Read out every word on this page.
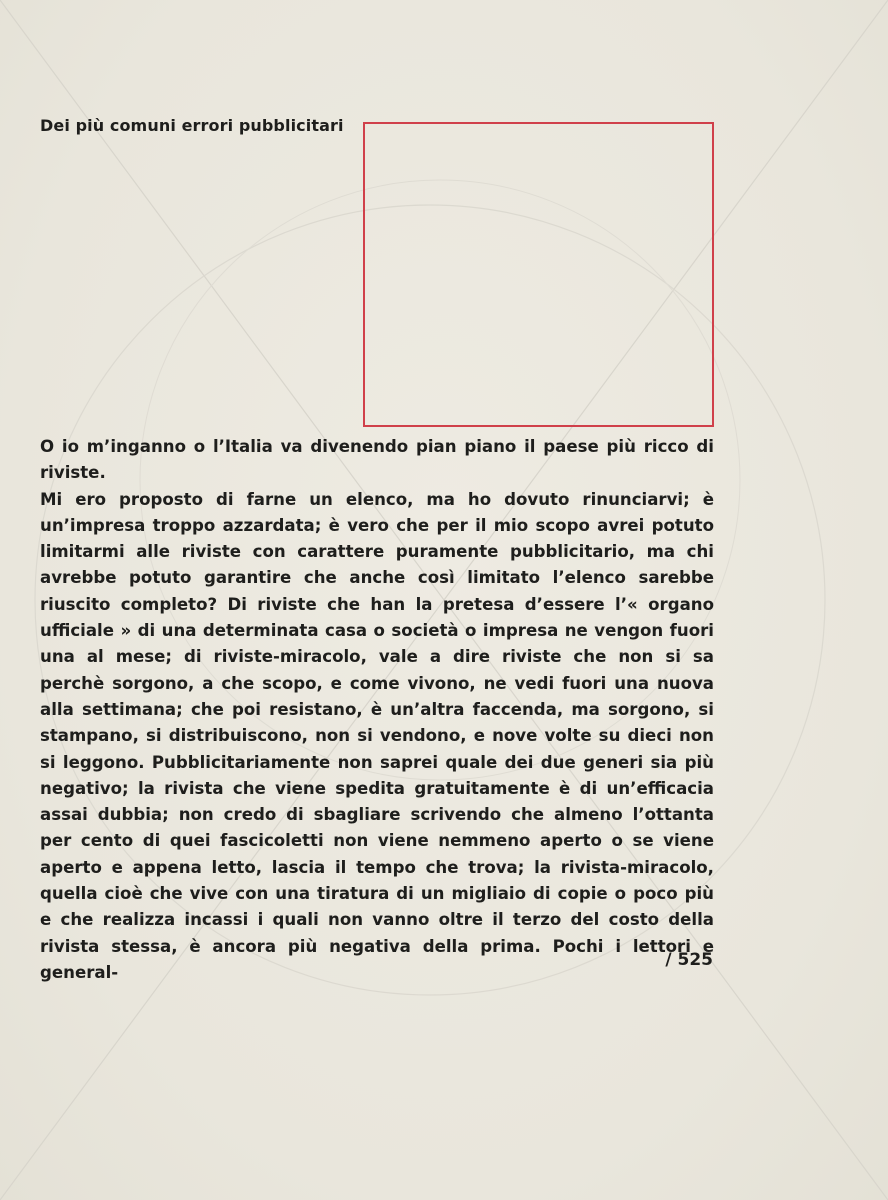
Dei più comuni errori pubblicitari

O io m’inganno o l’Italia va divenendo pian piano il paese più ricco di riviste.

Mi ero proposto di farne un elenco, ma ho dovuto rinunciarvi; è un’impresa troppo azzardata; è vero che per il mio scopo avrei potuto limitarmi alle riviste con carattere puramente pubblicitario, ma chi avrebbe potuto garantire che anche così limitato l’elenco sarebbe riuscito completo? Di riviste che han la pretesa d’essere l’« organo ufficiale » di una determinata casa o società o impresa ne vengon fuori una al mese; di riviste-miracolo, vale a dire riviste che non si sa perchè sorgono, a che scopo, e come vivono, ne vedi fuori una nuova alla settimana; che poi resistano, è un’altra faccenda, ma sorgono, si stampano, si distribuiscono, non si vendono, e nove volte su dieci non si leggono. Pubblicitariamente non saprei quale dei due generi sia più negativo; la rivista che viene spedita gratuitamente è di un’efficacia assai dubbia; non credo di sbagliare scrivendo che almeno l’ottanta per cento di quei fascicoletti non viene nemmeno aperto o se viene aperto e appena letto, lascia il tempo che trova; la rivista-miracolo, quella cioè che vive con una tiratura di un migliaio di copie o poco più e che realizza incassi i quali non vanno oltre il terzo del costo della rivista stessa, è ancora più negativa della prima. Pochi i lettori e general-

/ 525
